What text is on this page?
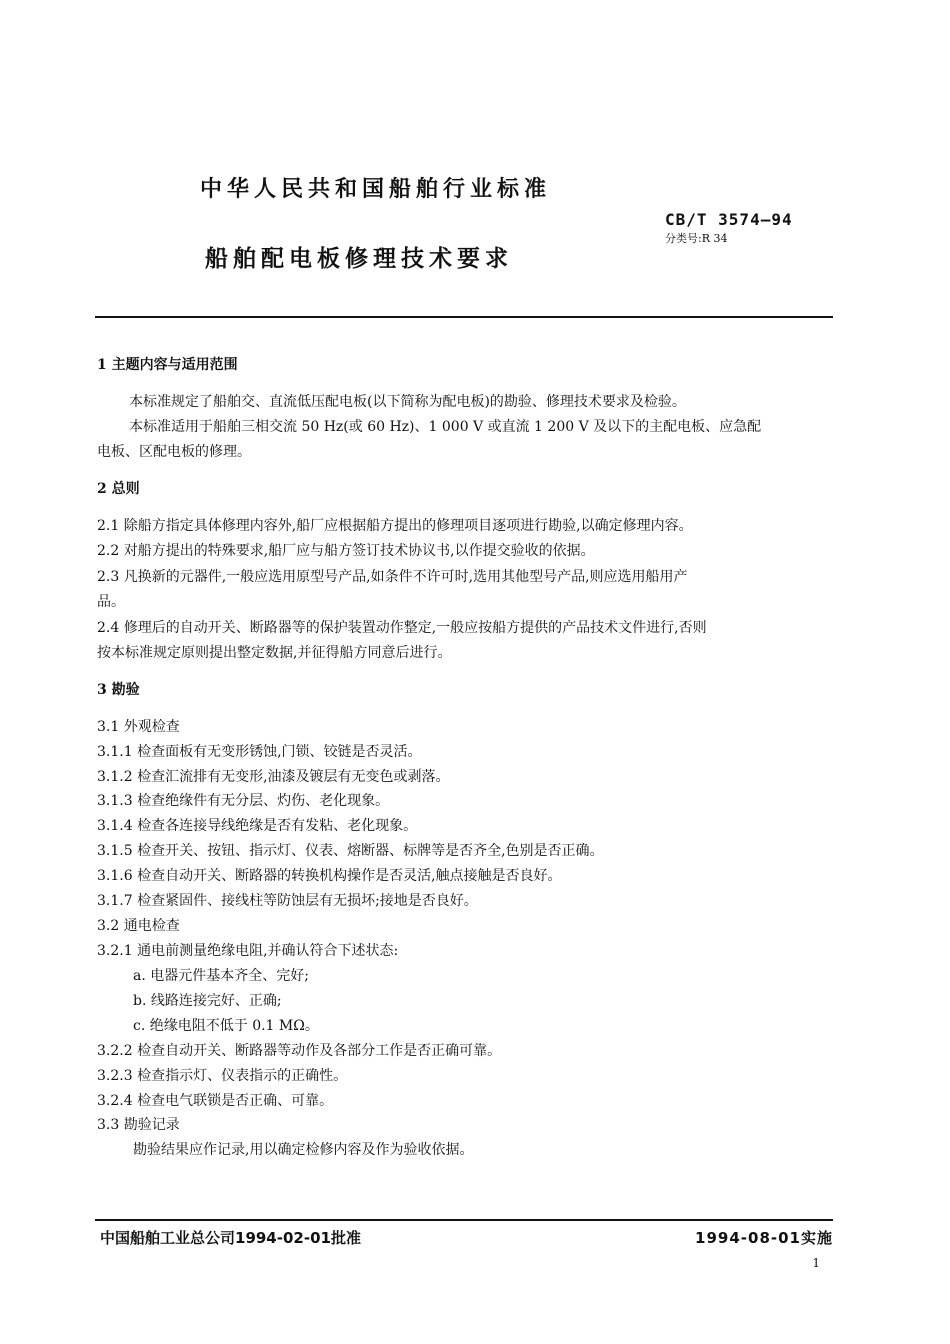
中华人民共和国船舶行业标准
CB/T 3574—94
分类号:R 34
船舶配电板修理技术要求
1 主题内容与适用范围
本标准规定了船舶交、直流低压配电板(以下简称为配电板)的勘验、修理技术要求及检验。
本标准适用于船舶三相交流 50 Hz(或 60 Hz)、1 000 V 或直流 1 200 V 及以下的主配电板、应急配
电板、区配电板的修理。
2 总则
2.1 除船方指定具体修理内容外,船厂应根据船方提出的修理项目逐项进行勘验,以确定修理内容。
2.2 对船方提出的特殊要求,船厂应与船方签订技术协议书,以作提交验收的依据。
2.3 凡换新的元器件,一般应选用原型号产品,如条件不许可时,选用其他型号产品,则应选用船用产
品。
2.4 修理后的自动开关、断路器等的保护装置动作整定,一般应按船方提供的产品技术文件进行,否则
按本标准规定原则提出整定数据,并征得船方同意后进行。
3 勘验
3.1 外观检查
3.1.1 检查面板有无变形锈蚀,门锁、铰链是否灵活。
3.1.2 检查汇流排有无变形,油漆及镀层有无变色或剥落。
3.1.3 检查绝缘件有无分层、灼伤、老化现象。
3.1.4 检查各连接导线绝缘是否有发粘、老化现象。
3.1.5 检查开关、按钮、指示灯、仪表、熔断器、标牌等是否齐全,色别是否正确。
3.1.6 检查自动开关、断路器的转换机构操作是否灵活,触点接触是否良好。
3.1.7 检查紧固件、接线柱等防蚀层有无损坏;接地是否良好。
3.2 通电检查
3.2.1 通电前测量绝缘电阻,并确认符合下述状态:
a. 电器元件基本齐全、完好;
b. 线路连接完好、正确;
c. 绝缘电阻不低于 0.1 MΩ。
3.2.2 检查自动开关、断路器等动作及各部分工作是否正确可靠。
3.2.3 检查指示灯、仪表指示的正确性。
3.2.4 检查电气联锁是否正确、可靠。
3.3 勘验记录
勘验结果应作记录,用以确定检修内容及作为验收依据。
中国船舶工业总公司1994-02-01批准	1994-08-01实施
1
